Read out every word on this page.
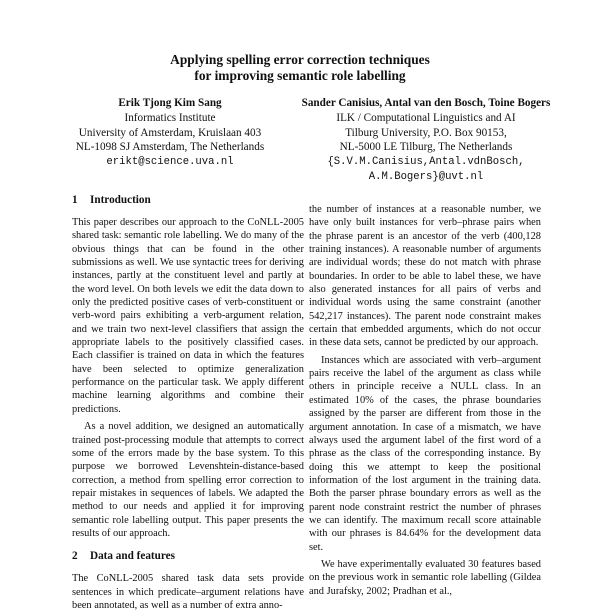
Applying spelling error correction techniques
for improving semantic role labelling
Erik Tjong Kim Sang
Informatics Institute
University of Amsterdam, Kruislaan 403
NL-1098 SJ Amsterdam, The Netherlands
erikt@science.uva.nl
Sander Canisius, Antal van den Bosch, Toine Bogers
ILK / Computational Linguistics and AI
Tilburg University, P.O. Box 90153,
NL-5000 LE Tilburg, The Netherlands
{S.V.M.Canisius,Antal.vdnBosch,
A.M.Bogers}@uvt.nl
1 Introduction

This paper describes our approach to the CoNLL-2005 shared task: semantic role labelling. We do many of the obvious things that can be found in the other submissions as well. We use syntactic trees for deriving instances, partly at the constituent level and partly at the word level. On both levels we edit the data down to only the predicted positive cases of verb-constituent or verb-word pairs exhibiting a verb-argument relation, and we train two next-level classifiers that assign the appropriate labels to the positively classified cases. Each classifier is trained on data in which the features have been selected to optimize generalization performance on the particular task. We apply different machine learning algorithms and combine their predictions.

As a novel addition, we designed an automatically trained post-processing module that attempts to correct some of the errors made by the base system. To this purpose we borrowed Levenshtein-distance-based correction, a method from spelling error correction to repair mistakes in sequences of labels. We adapted the method to our needs and applied it for improving semantic role labelling output. This paper presents the results of our approach.

2 Data and features

The CoNLL-2005 shared task data sets provide sentences in which predicate–argument relations have been annotated, as well as a number of extra anno-

the number of instances at a reasonable number, we have only built instances for verb–phrase pairs when the phrase parent is an ancestor of the verb (400,128 training instances). A reasonable number of arguments are individual words; these do not match with phrase boundaries. In order to be able to label these, we have also generated instances for all pairs of verbs and individual words using the same constraint (another 542,217 instances). The parent node constraint makes certain that embedded arguments, which do not occur in these data sets, cannot be predicted by our approach.

Instances which are associated with verb–argument pairs receive the label of the argument as class while others in principle receive a NULL class. In an estimated 10% of the cases, the phrase boundaries assigned by the parser are different from those in the argument annotation. In case of a mismatch, we have always used the argument label of the first word of a phrase as the class of the corresponding instance. By doing this we attempt to keep the positional information of the lost argument in the training data. Both the parser phrase boundary errors as well as the parent node constraint restrict the number of phrases we can identify. The maximum recall score attainable with our phrases is 84.64% for the development data set.

We have experimentally evaluated 30 features based on the previous work in semantic role labelling (Gildea and Jurafsky, 2002; Pradhan et al.,
